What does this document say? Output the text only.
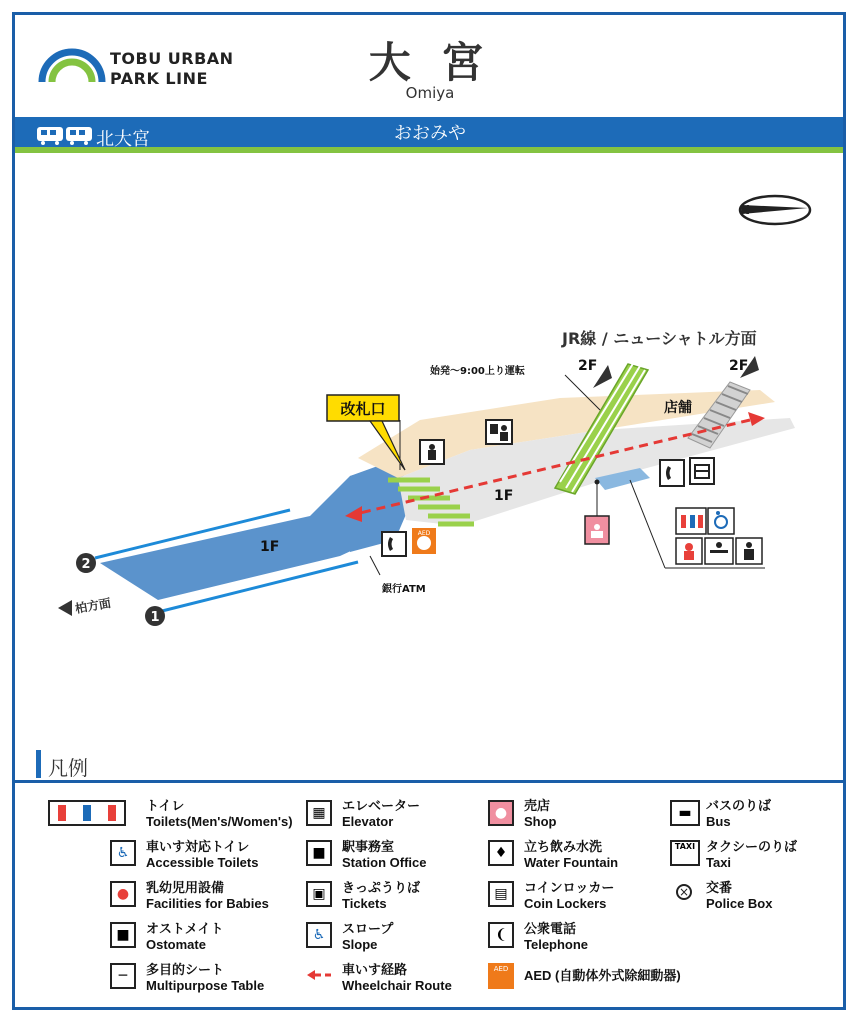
TOBU URBAN
PARK LINE	大 宮
Omiya
北大宮	おおみや
N
2
1
柏方面
1F
1F
2F	2F
店舗
JR線 / ニューシャトル方面
始発〜9:00上り運転
銀行ATM
改札口
AED
凡例
トイレ
Toilets(Men's/Women's)
♿	車いす対応トイレ
Accessible Toilets
●	乳幼児用設備
Facilities for Babies
■	オストメイト
Ostomate
─	多目的シート
Multipurpose Table
▦	エレベーター
Elevator
■	駅事務室
Station Office
▣	きっぷうりば
Tickets
♿	スロープ
Slope
車いす経路
Wheelchair Route
●	売店
Shop
♦	立ち飲み水洗
Water Fountain
▤	コインロッカー
Coin Lockers
❨	公衆電話
Telephone
AED	AED (自動体外式除細動器)
▬	バスのりば
Bus
TAXI タクシーのりば
Taxi
× 交番
Police Box
